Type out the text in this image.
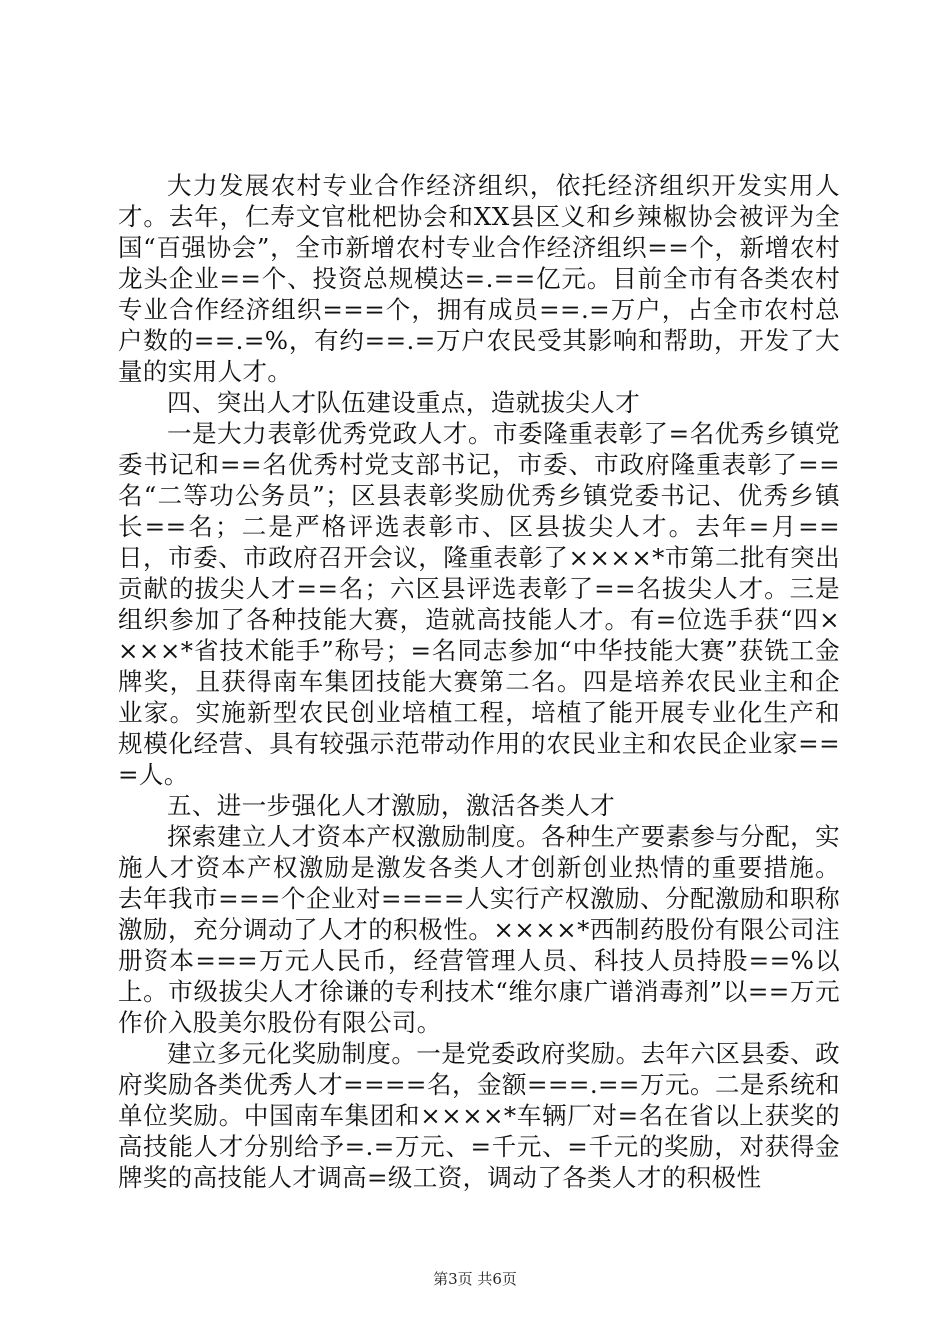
大力发展农村专业合作经济组织，依托经济组织开发实用人才。去年，仁寿文官枇杷协会和XX县区义和乡辣椒协会被评为全国“百强协会”，全市新增农村专业合作经济组织==个，新增农村龙头企业==个、投资总规模达=.==亿元。目前全市有各类农村专业合作经济组织===个，拥有成员==.=万户，占全市农村总户数的==.=%，有约==.=万户农民受其影响和帮助，开发了大量的实用人才。

四、突出人才队伍建设重点，造就拔尖人才

一是大力表彰优秀党政人才。市委隆重表彰了=名优秀乡镇党委书记和==名优秀村党支部书记，市委、市政府隆重表彰了==名“二等功公务员”；区县表彰奖励优秀乡镇党委书记、优秀乡镇长==名；二是严格评选表彰市、区县拔尖人才。去年=月==日，市委、市政府召开会议，隆重表彰了××××*市第二批有突出贡献的拔尖人才==名；六区县评选表彰了==名拔尖人才。三是组织参加了各种技能大赛，造就高技能人才。有=位选手获“四××××*省技术能手”称号；=名同志参加“中华技能大赛”获铣工金牌奖，且获得南车集团技能大赛第二名。四是培养农民业主和企业家。实施新型农民创业培植工程，培植了能开展专业化生产和规模化经营、具有较强示范带动作用的农民业主和农民企业家===人。

五、进一步强化人才激励，激活各类人才

探索建立人才资本产权激励制度。各种生产要素参与分配，实施人才资本产权激励是激发各类人才创新创业热情的重要措施。去年我市===个企业对====人实行产权激励、分配激励和职称激励，充分调动了人才的积极性。××××*西制药股份有限公司注册资本===万元人民币，经营管理人员、科技人员持股==%以上。市级拔尖人才徐谦的专利技术“维尔康广谱消毒剂”以==万元作价入股美尔股份有限公司。

建立多元化奖励制度。一是党委政府奖励。去年六区县委、政府奖励各类优秀人才====名，金额===.==万元。二是系统和单位奖励。中国南车集团和××××*车辆厂对=名在省以上获奖的高技能人才分别给予=.=万元、=千元、=千元的奖励，对获得金牌奖的高技能人才调高=级工资，调动了各类人才的积极性

第3页 共6页
